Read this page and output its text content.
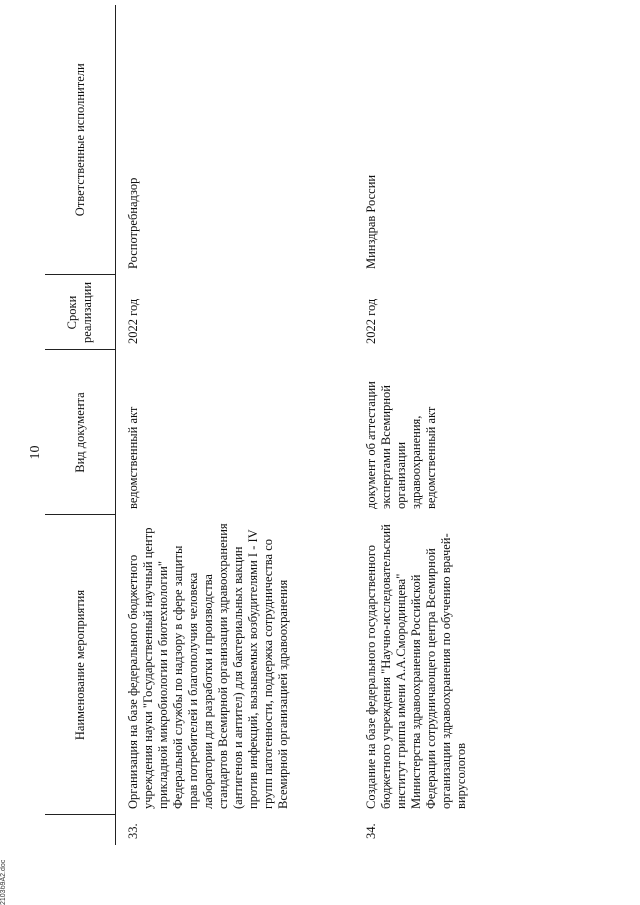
10
	Наименование мероприятия	Вид документа	Сроки реализации	Ответственные исполнители
33.	Организация на базе федерального бюджетного учреждения науки "Государственный научный центр прикладной микробиологии и биотехнологии" Федеральной службы по надзору в сфере защиты прав потребителей и благополучия человека лаборатории для разработки и производства стандартов Всемирной организации здравоохранения (антигенов и антител) для бактериальных вакцин против инфекций, вызываемых возбудителями I - IV групп патогенности, поддержка сотрудничества со Всемирной организацией здравоохранения	ведомственный акт	2022 год	Роспотребнадзор
34.	Создание на базе федерального государственного бюджетного учреждения "Научно-исследовательский институт гриппа имени А.А.Смородинцева" Министерства здравоохранения Российской Федерации сотрудничающего центра Всемирной организации здравоохранения по обучению врачей-вирусологов	документ об аттестации экспертами Всемирной организации здравоохранения, ведомственный акт	2022 год	Минздрав России
2103б9А2.doc
